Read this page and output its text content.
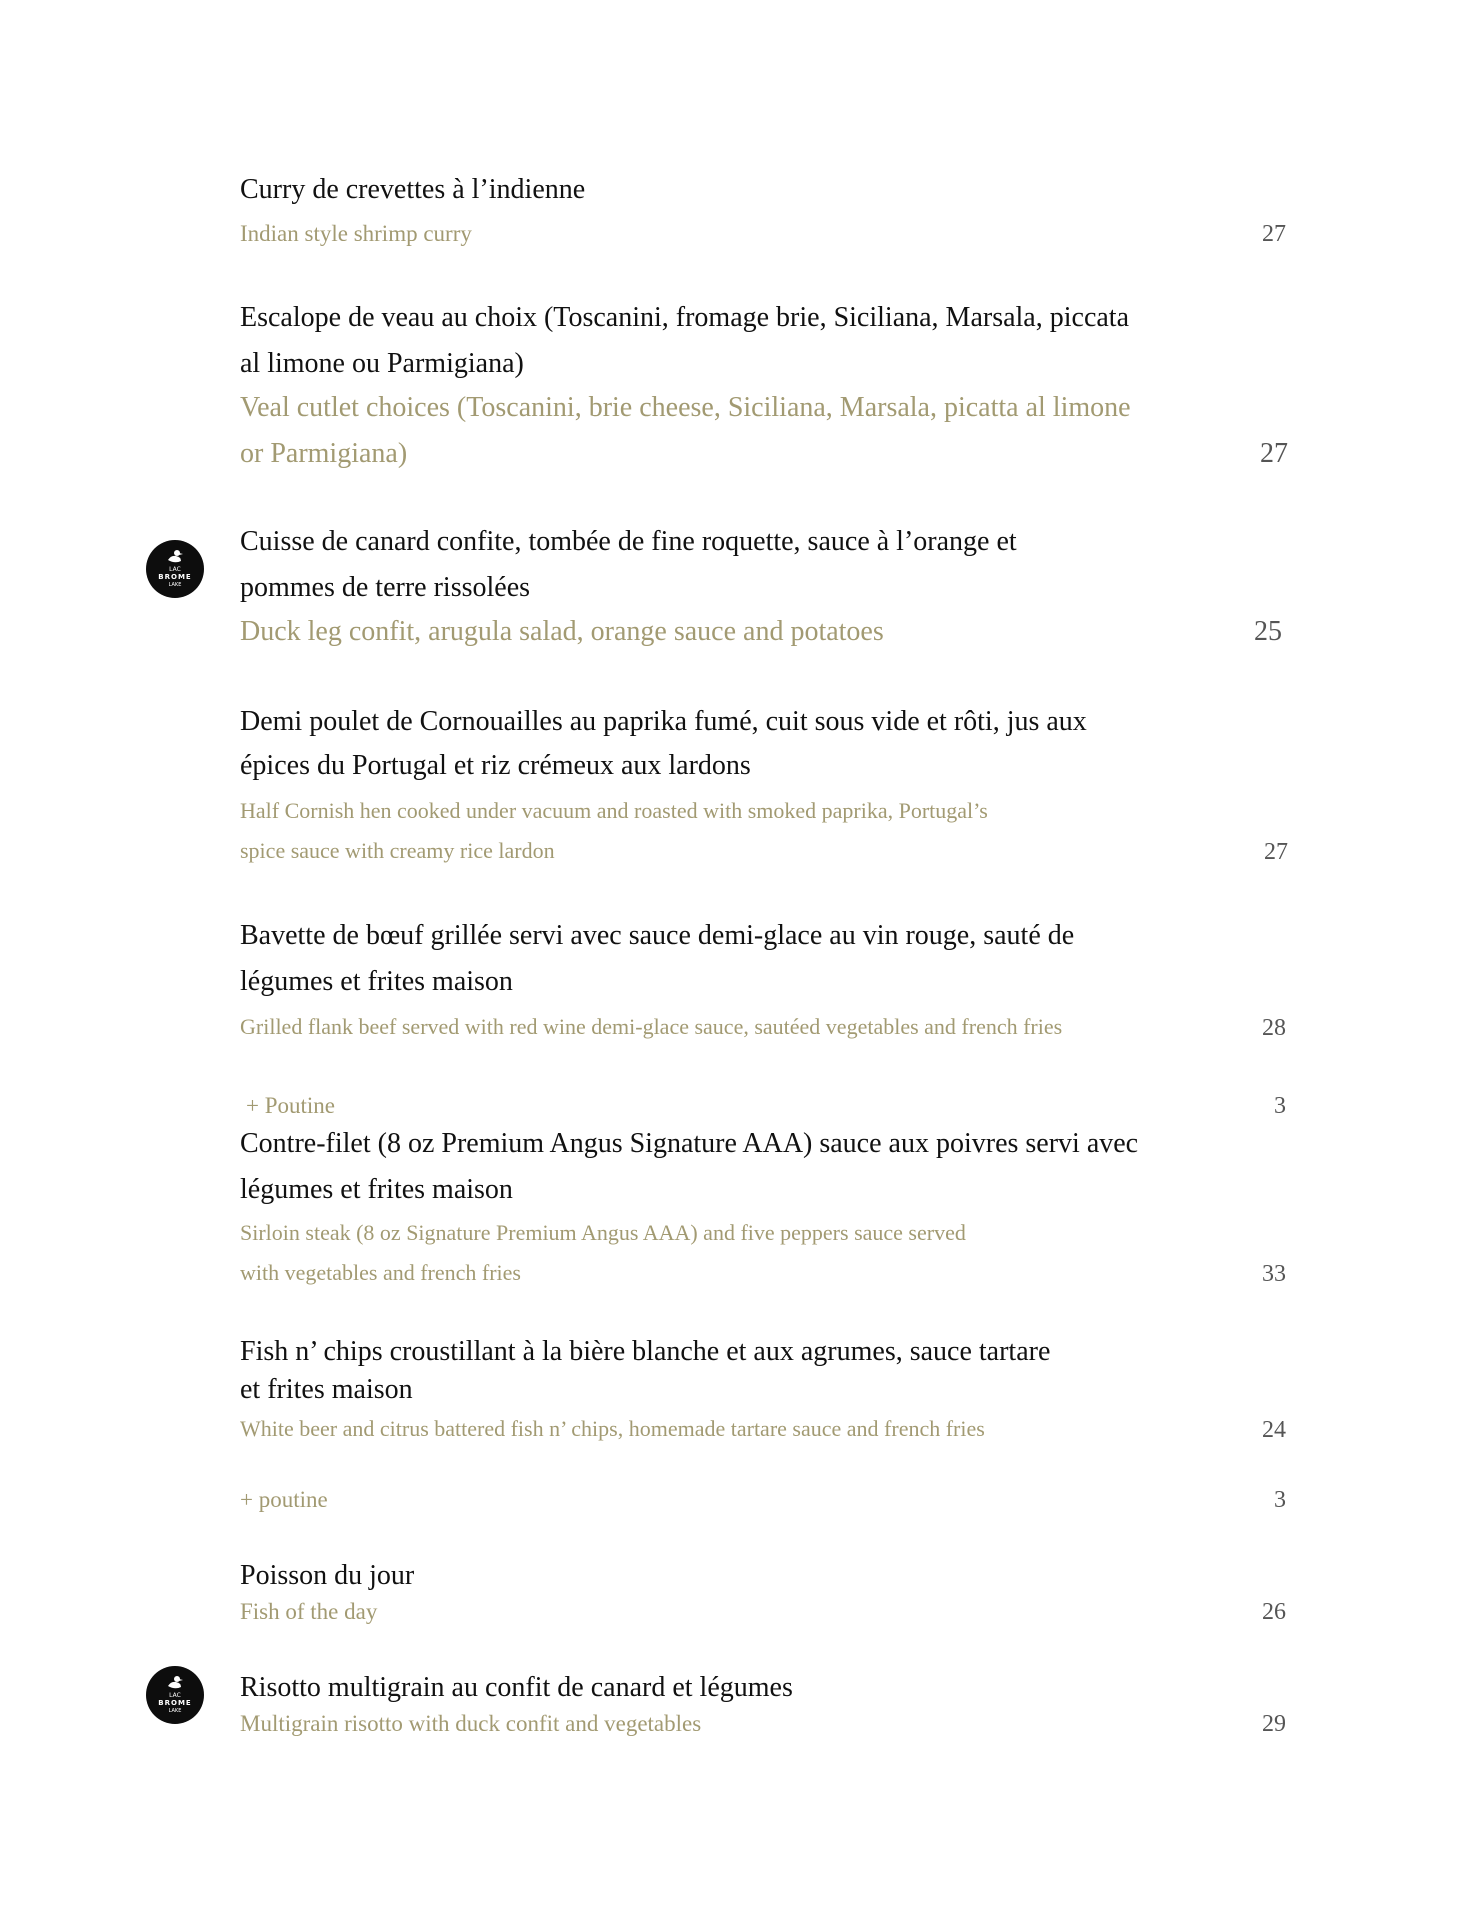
Curry de crevettes à l’indienne
Indian style shrimp curry	27
Escalope de veau au choix (Toscanini, fromage brie, Siciliana, Marsala, piccata
al limone ou Parmigiana)
Veal cutlet choices (Toscanini, brie cheese, Siciliana, Marsala, picatta al limone
or Parmigiana)	27
LAC
BROME
LAKE
Cuisse de canard confite, tombée de fine roquette, sauce à l’orange et
pommes de terre rissolées
Duck leg confit, arugula salad, orange sauce and potatoes	25
Demi poulet de Cornouailles au paprika fumé, cuit sous vide et rôti, jus aux
épices du Portugal et riz crémeux aux lardons
Half Cornish hen cooked under vacuum and roasted with smoked paprika, Portugal’s
spice sauce with creamy rice lardon	27
Bavette de bœuf grillée servi avec sauce demi-glace au vin rouge, sauté de
légumes et frites maison
Grilled flank beef served with red wine demi-glace sauce, sautéed vegetables and french fries	28
+ Poutine	3
Contre-filet (8 oz Premium Angus Signature AAA) sauce aux poivres servi avec
légumes et frites maison
Sirloin steak (8 oz Signature Premium Angus AAA) and five peppers sauce served
with vegetables and french fries	33
Fish n’ chips croustillant à la bière blanche et aux agrumes, sauce tartare
et frites maison
White beer and citrus battered fish n’ chips, homemade tartare sauce and french fries	24
+ poutine	3
Poisson du jour
Fish of the day	26
LAC
BROME
LAKE
Risotto multigrain au confit de canard et légumes
Multigrain risotto with duck confit and vegetables	29
